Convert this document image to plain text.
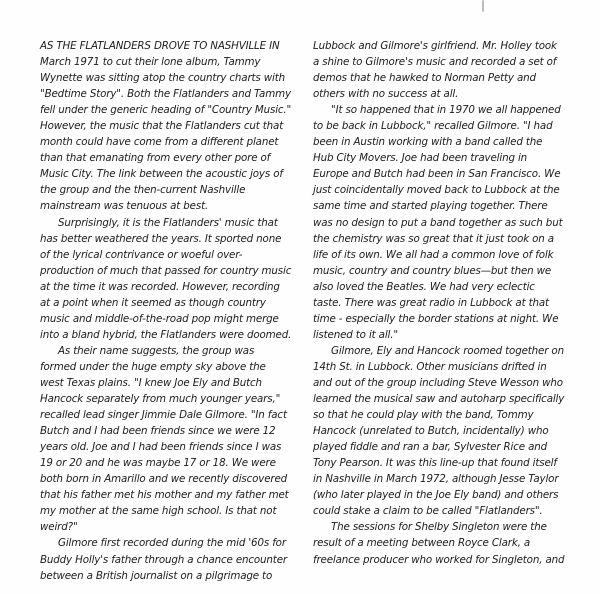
AS THE FLATLANDERS DROVE TO NASHVILLE IN March 1971 to cut their lone album, Tammy Wynette was sitting atop the country charts with "Bedtime Story". Both the Flatlanders and Tammy fell under the generic heading of "Country Music." However, the music that the Flatlanders cut that month could have come from a different planet than that emanating from every other pore of Music City. The link between the acoustic joys of the group and the then-current Nashville mainstream was tenuous at best.

Surprisingly, it is the Flatlanders' music that has better weathered the years. It sported none of the lyrical contrivance or woeful over-production of much that passed for country music at the time it was recorded. However, recording at a point when it seemed as though country music and middle-of-the-road pop might merge into a bland hybrid, the Flatlanders were doomed.

As their name suggests, the group was formed under the huge empty sky above the west Texas plains. "I knew Joe Ely and Butch Hancock separately from much younger years," recalled lead singer Jimmie Dale Gilmore. "In fact Butch and I had been friends since we were 12 years old. Joe and I had been friends since I was 19 or 20 and he was maybe 17 or 18. We were both born in Amarillo and we recently discovered that his father met his mother and my father met my mother at the same high school. Is that not weird?"

Gilmore first recorded during the mid '60s for Buddy Holly's father through a chance encounter between a British journalist on a pilgrimage to

Lubbock and Gilmore's girlfriend. Mr. Holley took a shine to Gilmore's music and recorded a set of demos that he hawked to Norman Petty and others with no success at all.

"It so happened that in 1970 we all happened to be back in Lubbock," recalled Gilmore. "I had been in Austin working with a band called the Hub City Movers. Joe had been traveling in Europe and Butch had been in San Francisco. We just coincidentally moved back to Lubbock at the same time and started playing together. There was no design to put a band together as such but the chemistry was so great that it just took on a life of its own. We all had a common love of folk music, country and country blues—but then we also loved the Beatles. We had very eclectic taste. There was great radio in Lubbock at that time - especially the border stations at night. We listened to it all."

Gilmore, Ely and Hancock roomed together on 14th St. in Lubbock. Other musicians drifted in and out of the group including Steve Wesson who learned the musical saw and autoharp specifically so that he could play with the band, Tommy Hancock (unrelated to Butch, incidentally) who played fiddle and ran a bar, Sylvester Rice and Tony Pearson. It was this line-up that found itself in Nashville in March 1972, although Jesse Taylor (who later played in the Joe Ely band) and others could stake a claim to be called "Flatlanders".

The sessions for Shelby Singleton were the result of a meeting between Royce Clark, a freelance producer who worked for Singleton, and
